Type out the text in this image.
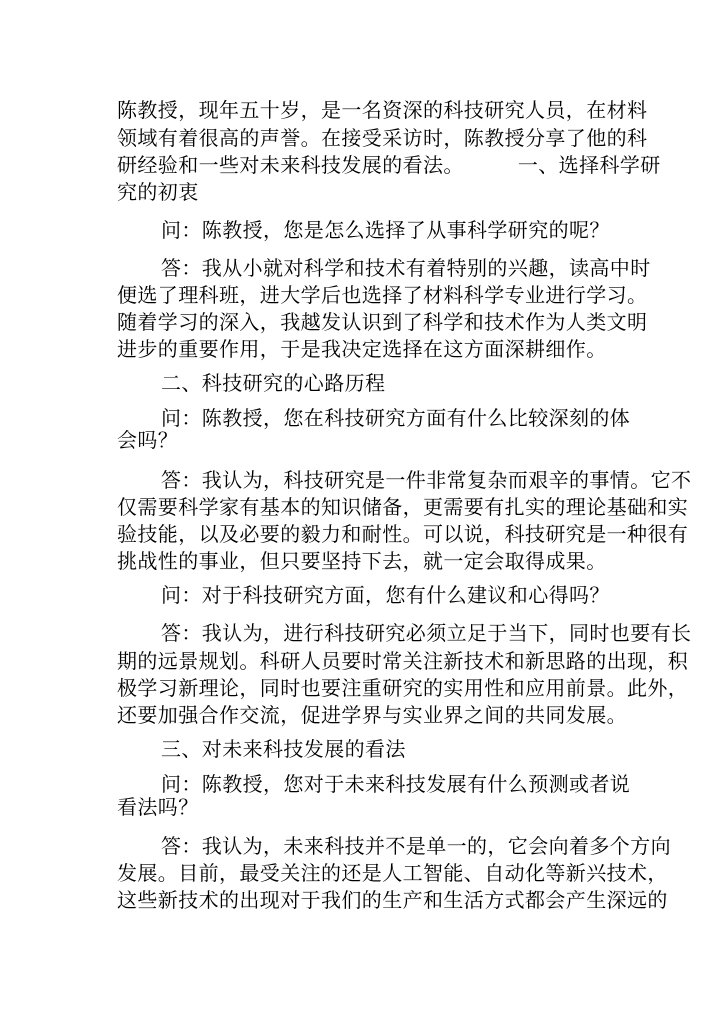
陈教授，现年五十岁，是一名资深的科技研究人员，在材料
领域有着很高的声誉。在接受采访时，陈教授分享了他的科
研经验和一些对未来科技发展的看法。        一、选择科学研
究的初衷
问：陈教授，您是怎么选择了从事科学研究的呢？
答：我从小就对科学和技术有着特别的兴趣，读高中时
便选了理科班，进大学后也选择了材料科学专业进行学习。
随着学习的深入，我越发认识到了科学和技术作为人类文明
进步的重要作用，于是我决定选择在这方面深耕细作。
二、科技研究的心路历程
问：陈教授，您在科技研究方面有什么比较深刻的体
会吗？
答：我认为，科技研究是一件非常复杂而艰辛的事情。它不
仅需要科学家有基本的知识储备，更需要有扎实的理论基础和实
验技能，以及必要的毅力和耐性。可以说，科技研究是一种很有
挑战性的事业，但只要坚持下去，就一定会取得成果。
问：对于科技研究方面，您有什么建议和心得吗？
答：我认为，进行科技研究必须立足于当下，同时也要有长
期的远景规划。科研人员要时常关注新技术和新思路的出现，积
极学习新理论，同时也要注重研究的实用性和应用前景。此外，
还要加强合作交流，促进学界与实业界之间的共同发展。
三、对未来科技发展的看法
问：陈教授，您对于未来科技发展有什么预测或者说
看法吗？
答：我认为，未来科技并不是单一的，它会向着多个方向
发展。目前，最受关注的还是人工智能、自动化等新兴技术，
这些新技术的出现对于我们的生产和生活方式都会产生深远的
